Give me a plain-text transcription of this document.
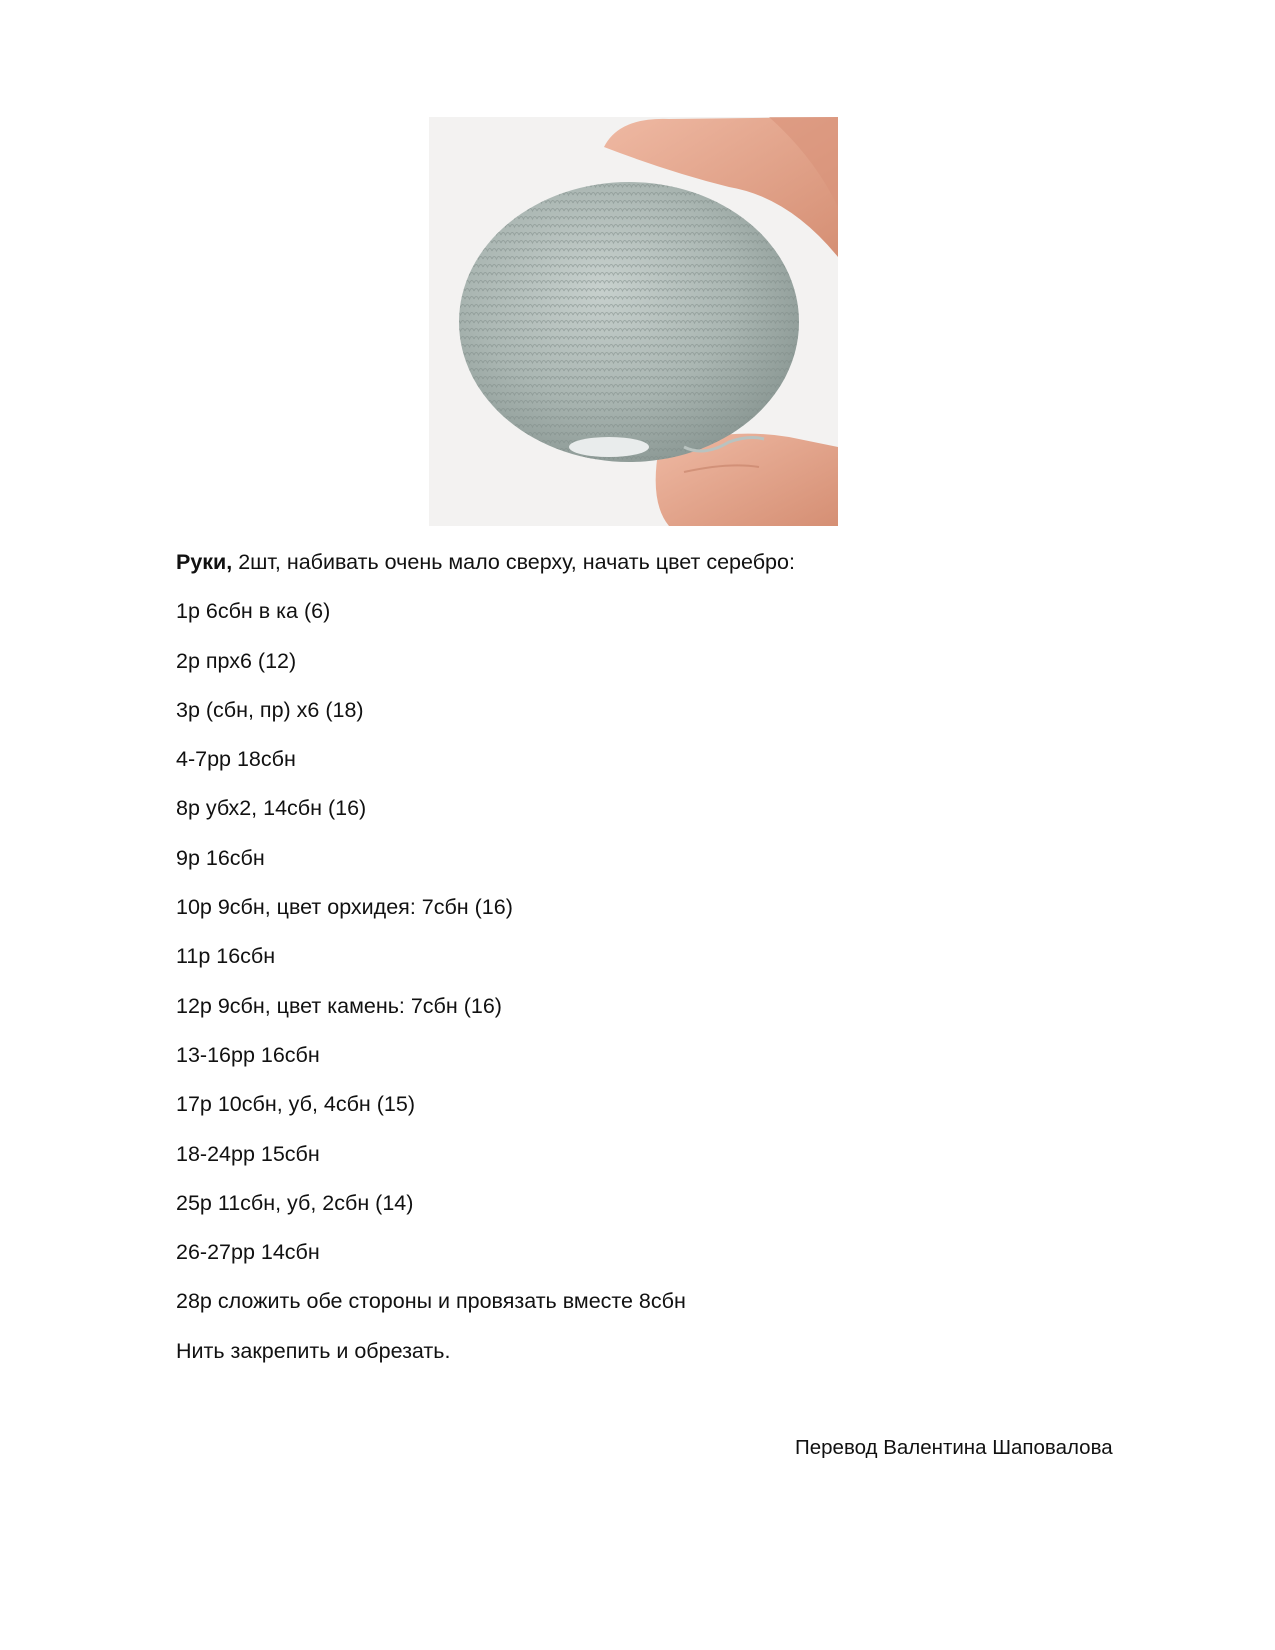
Руки, 2шт, набивать очень мало сверху, начать цвет серебро:

1р 6сбн в ка (6)

2р прх6 (12)

3р (сбн, пр) х6 (18)

4-7рр 18сбн

8р убх2, 14сбн (16)

9р 16сбн

10р 9сбн, цвет орхидея: 7сбн (16)

11р 16сбн

12р 9сбн, цвет камень: 7сбн (16)

13-16рр 16сбн

17р 10сбн, уб, 4сбн (15)

18-24рр 15сбн

25р 11сбн, уб, 2сбн (14)

26-27рр 14сбн

28р сложить обе стороны и провязать вместе 8сбн

Нить закрепить и обрезать.

Перевод Валентина Шаповалова
